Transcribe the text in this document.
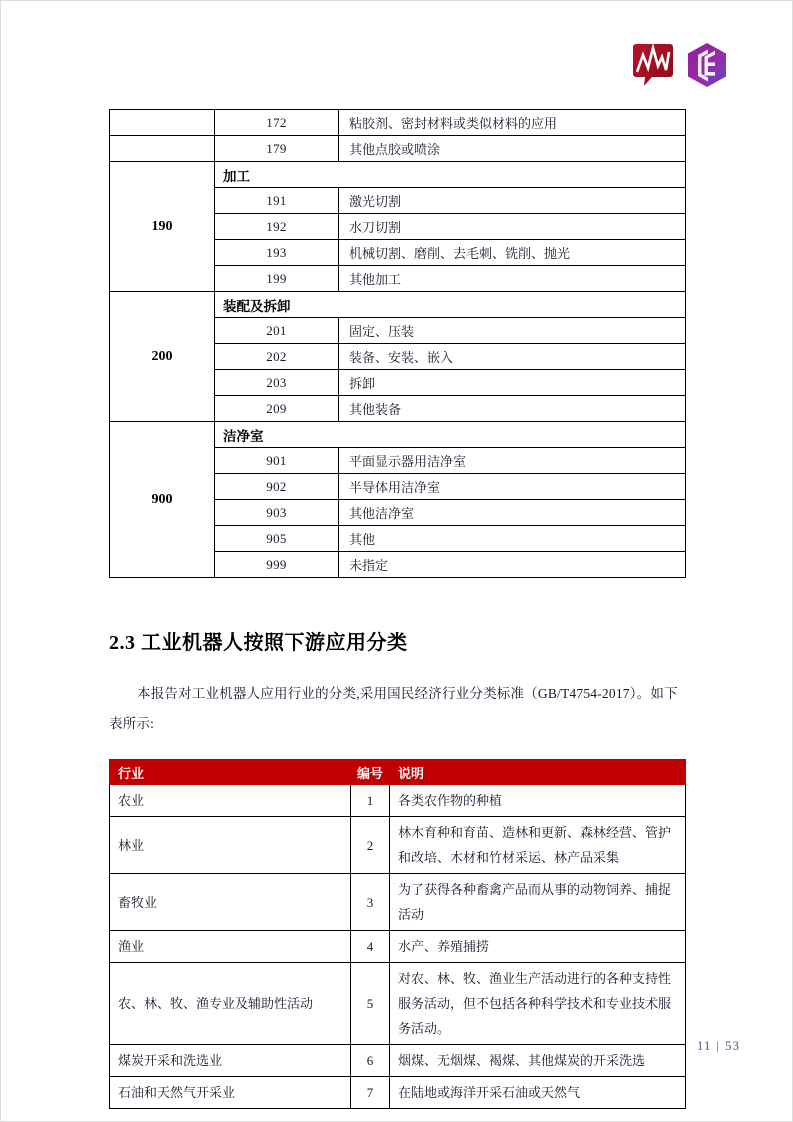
	172	粘胶剂、密封材料或类似材料的应用
	179	其他点胶或喷涂
190	加工	
	191	激光切割
	192	水刀切割
	193	机械切割、磨削、去毛刺、铣削、抛光
	199	其他加工
200	装配及拆卸	
	201	固定、压装
	202	装备、安装、嵌入
	203	拆卸
	209	其他装备
900	洁净室	
	901	平面显示器用洁净室
	902	半导体用洁净室
	903	其他洁净室
	905	其他
	999	未指定
2.3 工业机器人按照下游应用分类

本报告对工业机器人应用行业的分类,采用国民经济行业分类标准（GB/T4754-2017）。如下表所示:

行业	编号	说明
农业	1	各类农作物的种植
林业	2	林木育种和育苗、造林和更新、森林经营、管护和改培、木材和竹材采运、林产品采集
畜牧业	3	为了获得各种畜禽产品而从事的动物饲养、捕捉活动
渔业	4	水产、养殖捕捞
农、林、牧、渔专业及辅助性活动	5	对农、林、牧、渔业生产活动进行的各种支持性服务活动，但不包括各种科学技术和专业技术服务活动。
煤炭开采和洗选业	6	烟煤、无烟煤、褐煤、其他煤炭的开采洗选
石油和天然气开采业	7	在陆地或海洋开采石油或天然气
11 | 53
